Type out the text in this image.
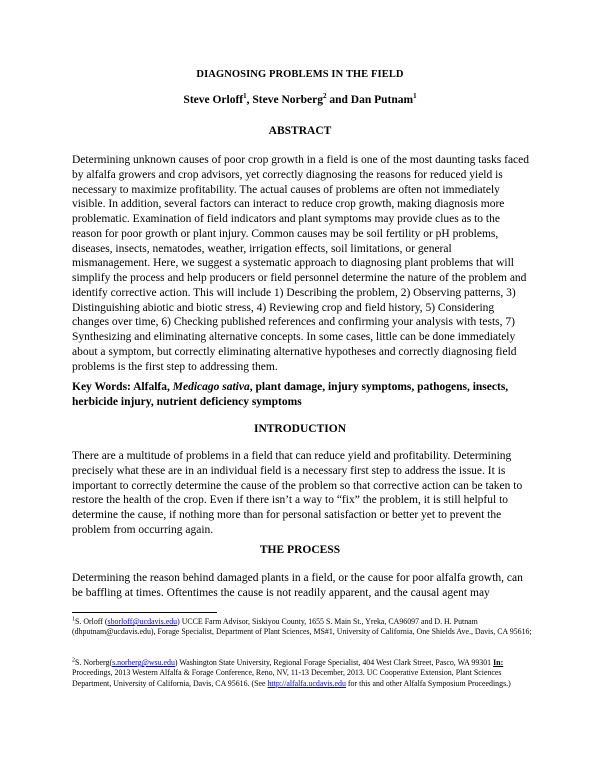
DIAGNOSING PROBLEMS IN THE FIELD
Steve Orloff$^1$, Steve Norberg$^2$ and Dan Putnam$^1$
ABSTRACT

Determining unknown causes of poor crop growth in a field is one of the most daunting tasks faced by alfalfa growers and crop advisors, yet correctly diagnosing the reasons for reduced yield is necessary to maximize profitability. The actual causes of problems are often not immediately visible. In addition, several factors can interact to reduce crop growth, making diagnosis more problematic. Examination of field indicators and plant symptoms may provide clues as to the reason for poor growth or plant injury. Common causes may be soil fertility or pH problems, diseases, insects, nematodes, weather, irrigation effects, soil limitations, or general mismanagement. Here, we suggest a systematic approach to diagnosing plant problems that will simplify the process and help producers or field personnel determine the nature of the problem and identify corrective action. This will include 1) Describing the problem, 2) Observing patterns, 3) Distinguishing abiotic and biotic stress, 4) Reviewing crop and field history, 5) Considering changes over time, 6) Checking published references and confirming your analysis with tests, 7) Synthesizing and eliminating alternative concepts. In some cases, little can be done immediately about a symptom, but correctly eliminating alternative hypotheses and correctly diagnosing field problems is the first step to addressing them.

Key Words: Alfalfa, Medicago sativa, plant damage, injury symptoms, pathogens, insects, herbicide injury, nutrient deficiency symptoms

INTRODUCTION

There are a multitude of problems in a field that can reduce yield and profitability. Determining precisely what these are in an individual field is a necessary first step to address the issue. It is important to correctly determine the cause of the problem so that corrective action can be taken to restore the health of the crop. Even if there isn’t a way to “fix” the problem, it is still helpful to determine the cause, if nothing more than for personal satisfaction or better yet to prevent the problem from occurring again.

THE PROCESS

Determining the reason behind damaged plants in a field, or the cause for poor alfalfa growth, can be baffling at times. Oftentimes the cause is not readily apparent, and the causal agent may

$^1$S. Orloff (sborloff@ucdavis.edu) UCCE Farm Advisor, Siskiyou County, 1655 S. Main St., Yreka, CA96097 and D. H. Putnam (dhputnam@ucdavis.edu), Forage Specialist, Department of Plant Sciences, MS#1, University of California, One Shields Ave., Davis, CA 95616;

$^2$S. Norberg(s.norberg@wsu.edu) Washington State University, Regional Forage Specialist, 404 West Clark Street, Pasco, WA 99301 In: Proceedings, 2013 Western Alfalfa & Forage Conference, Reno, NV, 11-13 December, 2013. UC Cooperative Extension, Plant Sciences Department, University of California, Davis, CA 95616. (See http://alfalfa.ucdavis.edu for this and other Alfalfa Symposium Proceedings.)
